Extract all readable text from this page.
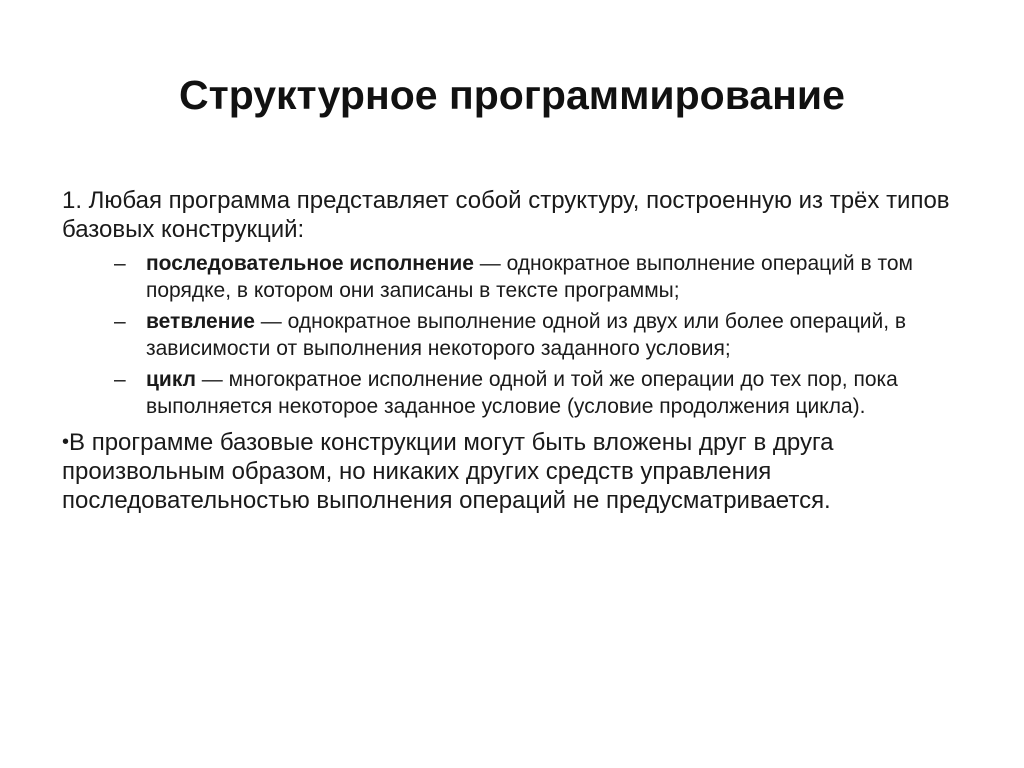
Структурное программирование

1. Любая программа представляет собой структуру, построенную из трёх типов базовых конструкций:

– последовательное исполнение — однократное выполнение операций в том порядке, в котором они записаны в тексте программы;
– ветвление — однократное выполнение одной из двух или более операций, в зависимости от выполнения некоторого заданного условия;
– цикл — многократное исполнение одной и той же операции до тех пор, пока выполняется некоторое заданное условие (условие продолжения цикла).
•В программе базовые конструкции могут быть вложены друг в друга произвольным образом, но никаких других средств управления последовательностью выполнения операций не предусматривается.
